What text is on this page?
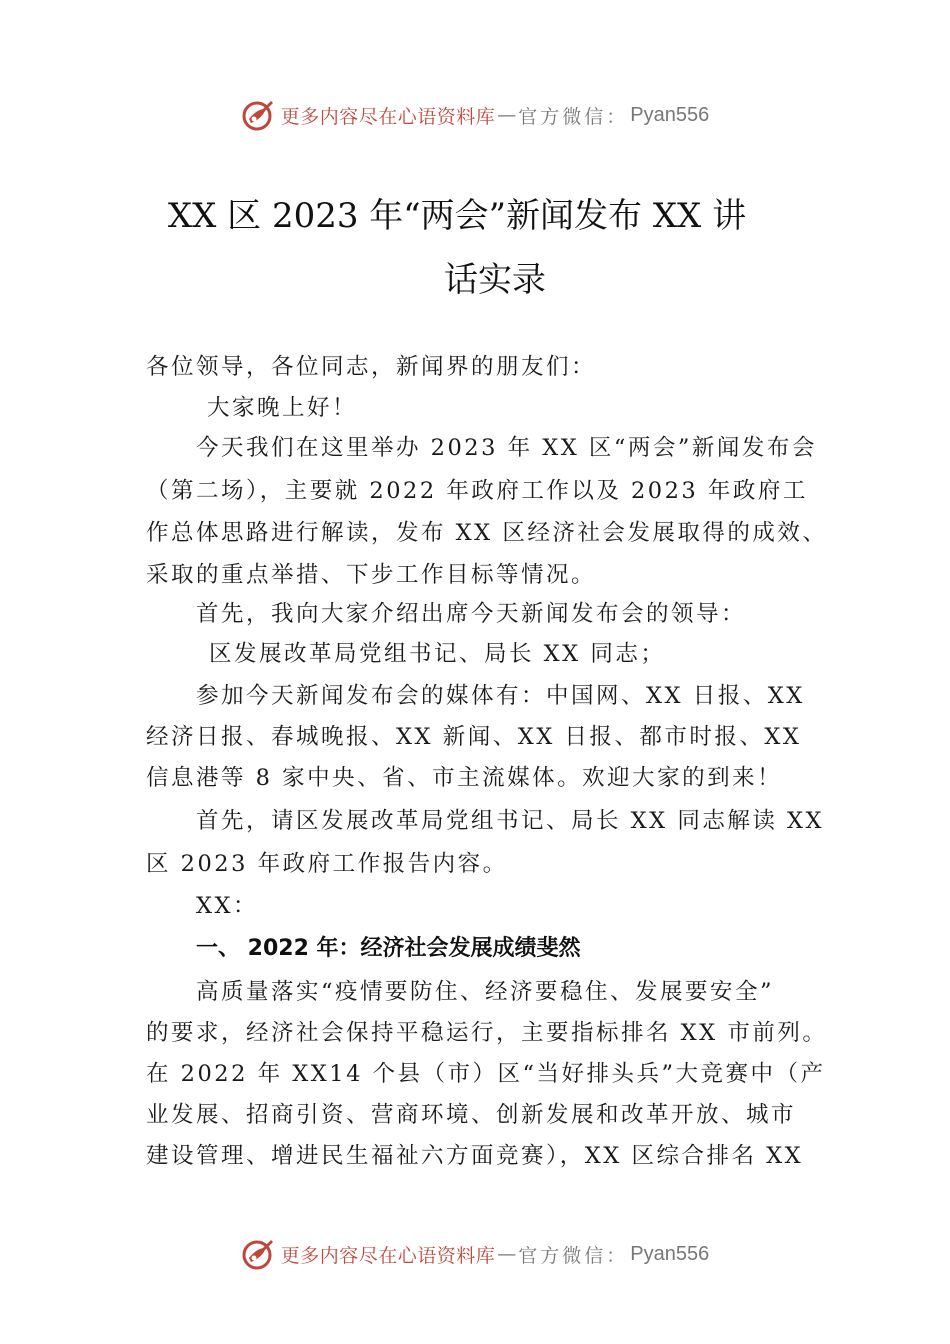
更多内容尽在心语资料库 — 官方微信： Pyan556
XX 区 2023 年“两会”新闻发布 XX 讲
话实录
各位领导，各位同志，新闻界的朋友们：
大家晚上好！
今天我们在这里举办 2023 年 XX 区“两会”新闻发布会
（第二场），主要就 2022 年政府工作以及 2023 年政府工
作总体思路进行解读，发布 XX 区经济社会发展取得的成效、
采取的重点举措、下步工作目标等情况。
首先，我向大家介绍出席今天新闻发布会的领导：
区发展改革局党组书记、局长 XX 同志；
参加今天新闻发布会的媒体有：中国网、XX 日报、XX
经济日报、春城晚报、XX 新闻、XX 日报、都市时报、XX
信息港等 8 家中央、省、市主流媒体。欢迎大家的到来！
首先，请区发展改革局党组书记、局长 XX 同志解读 XX
区 2023 年政府工作报告内容。
XX：
一、 2022 年：经济社会发展成绩斐然
高质量落实“疫情要防住、经济要稳住、发展要安全”
的要求，经济社会保持平稳运行，主要指标排名 XX 市前列。
在 2022 年 XX14 个县（市）区“当好排头兵”大竞赛中（产
业发展、招商引资、营商环境、创新发展和改革开放、城市
建设管理、增进民生福祉六方面竞赛），XX 区综合排名 XX
更多内容尽在心语资料库 — 官方微信： Pyan556
